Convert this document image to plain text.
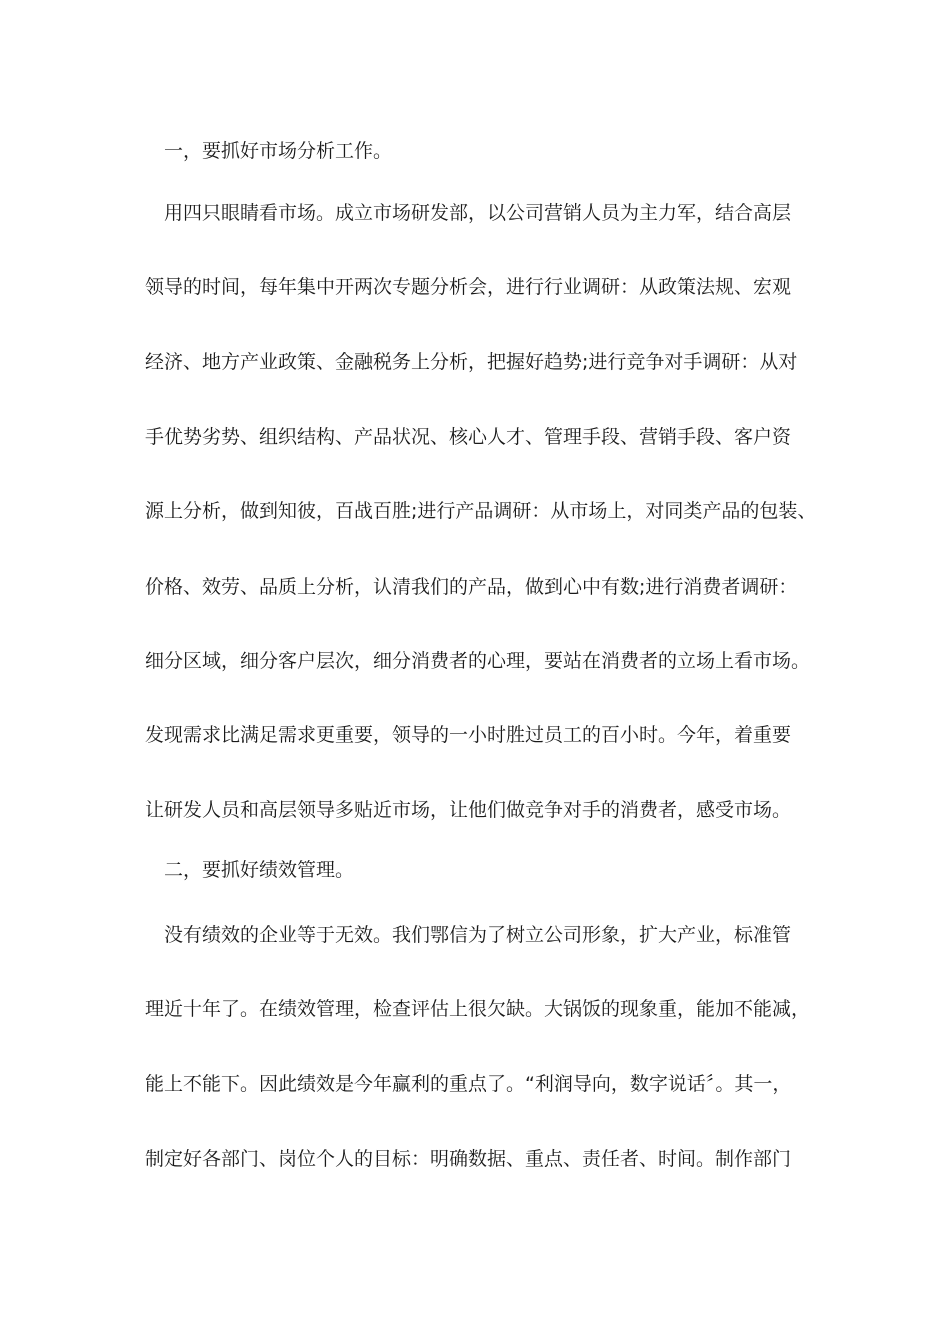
　一，要抓好市场分析工作。
　用四只眼睛看市场。成立市场研发部，以公司营销人员为主力军，结合高层
领导的时间，每年集中开两次专题分析会，进行行业调研：从政策法规、宏观
经济、地方产业政策、金融税务上分析，把握好趋势;进行竞争对手调研：从对
手优势劣势、组织结构、产品状况、核心人才、管理手段、营销手段、客户资
源上分析，做到知彼，百战百胜;进行产品调研：从市场上，对同类产品的包装、
价格、效劳、品质上分析，认清我们的产品，做到心中有数;进行消费者调研：
细分区域，细分客户层次，细分消费者的心理，要站在消费者的立场上看市场。
发现需求比满足需求更重要，领导的一小时胜过员工的百小时。今年，着重要
让研发人员和高层领导多贴近市场，让他们做竞争对手的消费者，感受市场。
　二，要抓好绩效管理。
　没有绩效的企业等于无效。我们鄂信为了树立公司形象，扩大产业，标准管
理近十年了。在绩效管理，检查评估上很欠缺。大锅饭的现象重，能加不能减，
能上不能下。因此绩效是今年赢利的重点了。“利润导向，数字说话〞。其一，
制定好各部门、岗位个人的目标：明确数据、重点、责任者、时间。制作部门
